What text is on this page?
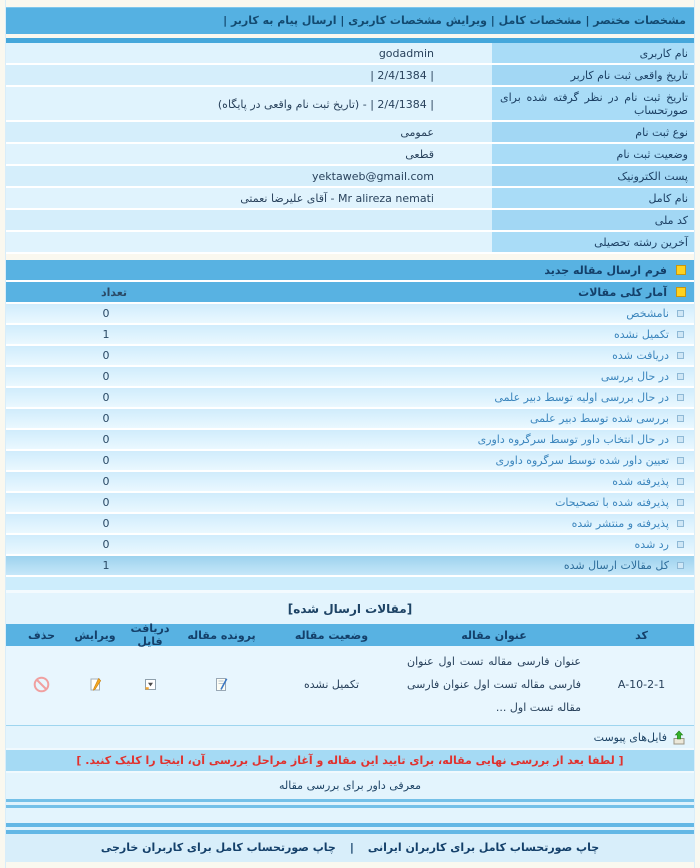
مشخصات مختصر | مشخصات کامل | ویرایش مشخصات کاربری | ارسال پیام به کاربر |
نام کاربری
godadmin
تاریخ واقعی ثبت نام کاربر
| 2/4/1384 |
تاریخ ثبت نام در نظر گرفته شده برای صورتحساب
| 2/4/1384 | - (تاریخ ثبت نام واقعی در پایگاه)
نوع ثبت نام
عمومی
وضعیت ثبت نام
قطعی
پست الکترونیک
yektaweb@gmail.com
نام کامل
Mr alireza nemati - آقای علیرضا نعمتی
کد ملی
آخرین رشته تحصیلی
فرم ارسال مقاله جدید
آمار کلی مقالات
تعداد
نامشخص
0
تکمیل نشده
1
دریافت شده
0
در حال بررسی
0
در حال بررسی اولیه توسط دبیر علمی
0
بررسی شده توسط دبیر علمی
0
در حال انتخاب داور توسط سرگروه داوری
0
تعیین داور شده توسط سرگروه داوری
0
پذیرفته شده
0
پذیرفته شده با تصحیحات
0
پذیرفته و منتشر شده
0
رد شده
0
کل مقالات ارسال شده
1
[مقالات ارسال شده]
کد
عنوان مقاله
وضعیت مقاله
پرونده مقاله
دریافت فایل
ویرایش
حذف
A-10-2-1
عنوان فارسی مقاله تست اول عنوان فارسی مقاله تست اول عنوان فارسی مقاله تست اول ...
تکمیل نشده
فایل‌های پیوست
[ لطفا بعد از بررسی نهایی مقاله، برای تایید این مقاله و آغاز مراحل بررسی آن، اینجا را کلیک کنید. ]
معرفی داور برای بررسی مقاله
چاپ صورتحساب کامل برای کاربران ایرانی|چاپ صورتحساب کامل برای کاربران خارجی
